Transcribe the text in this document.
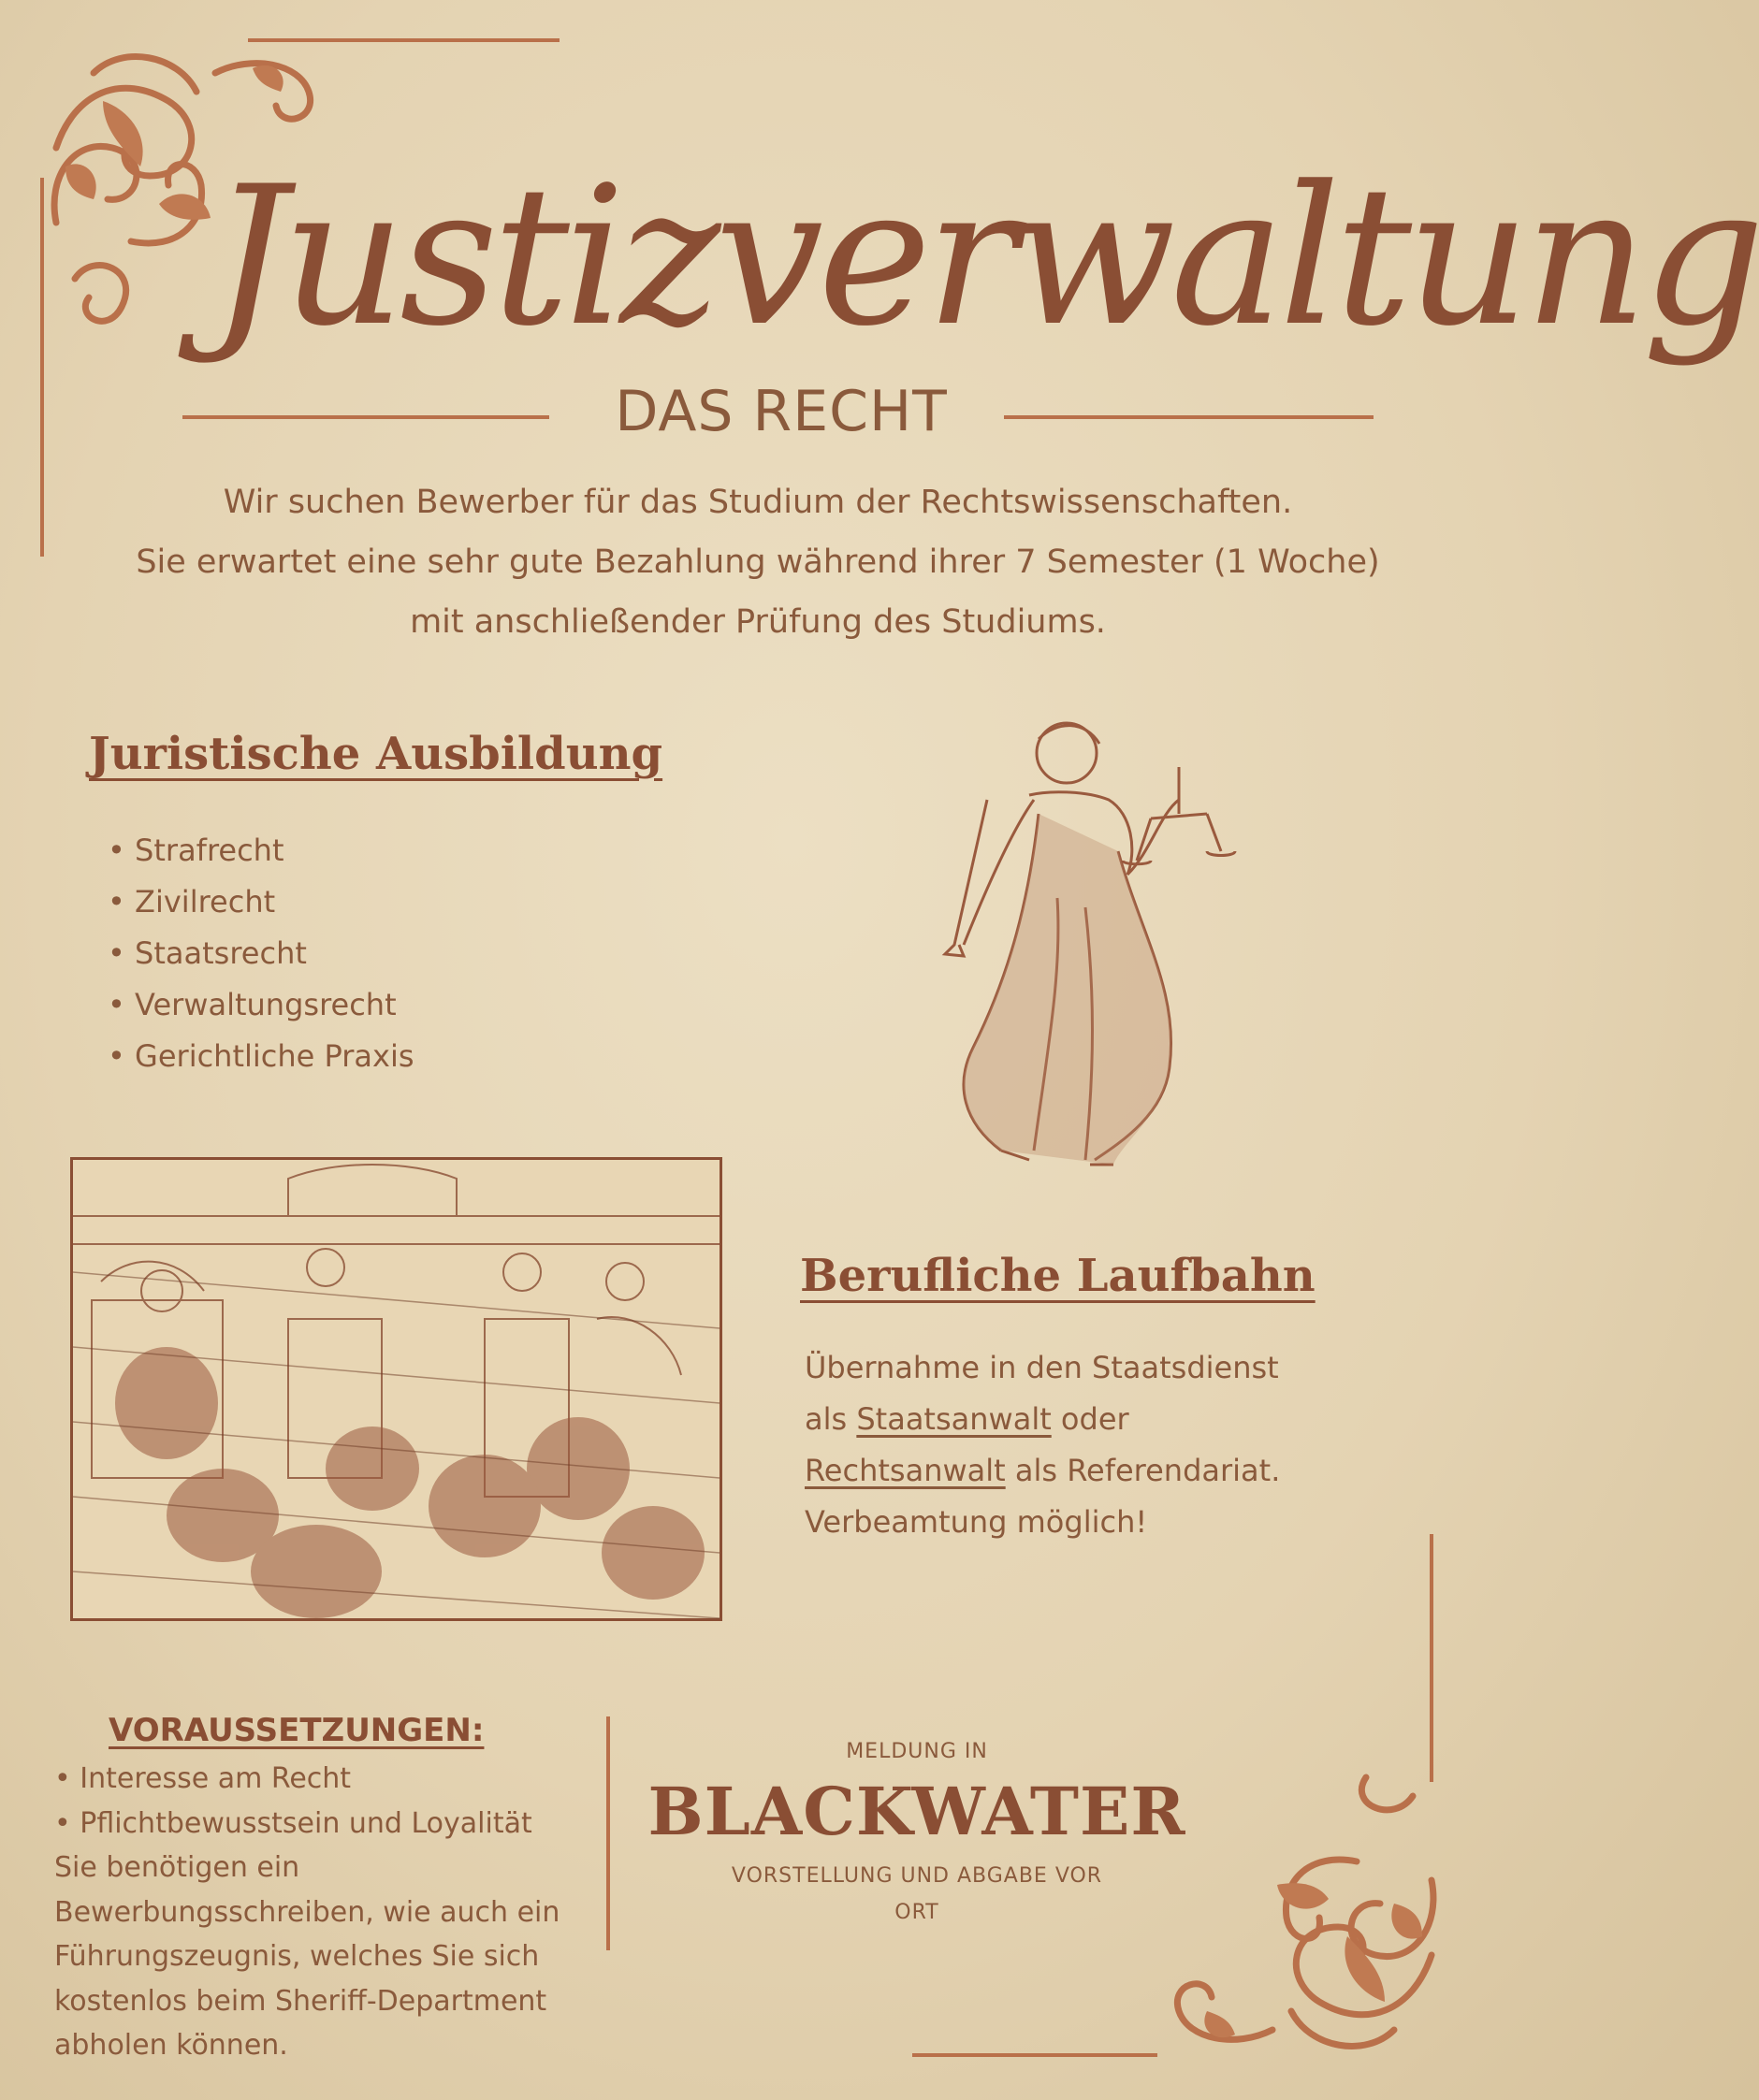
Justizverwaltung
DAS RECHT
Wir suchen Bewerber für das Studium der Rechtswissenschaften.
Sie erwartet eine sehr gute Bezahlung während ihrer 7 Semester (1 Woche)
mit anschließender Prüfung des Studiums.
Juristische Ausbildung
• Strafrecht
• Zivilrecht
• Staatsrecht
• Verwaltungsrecht
• Gerichtliche Praxis
Berufliche Laufbahn
Übernahme in den Staatsdienst
als Staatsanwalt oder
Rechtsanwalt als Referendariat.
Verbeamtung möglich!
VORAUSSETZUNGEN:
• Interesse am Recht
• Pflichtbewusstsein und Loyalität
Sie benötigen ein Bewerbungsschreiben, wie auch ein Führungszeugnis, welches Sie sich kostenlos beim Sheriff-Department abholen können.
MELDUNG IN
BLACKWATER
VORSTELLUNG UND ABGABE VOR
ORT
